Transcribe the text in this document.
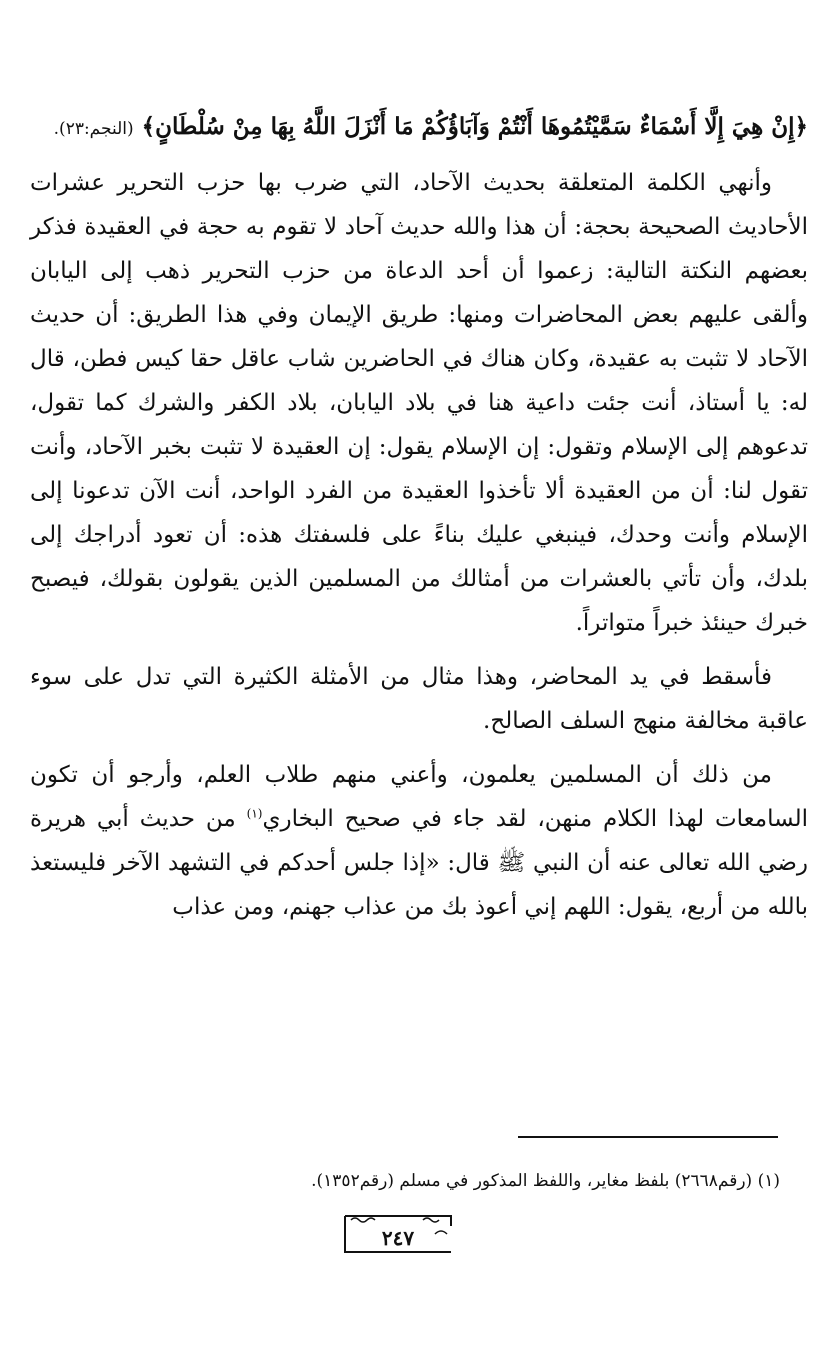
﴿إِنْ هِيَ إِلَّا أَسْمَاءٌ سَمَّيْتُمُوهَا أَنْتُمْ وَآبَاؤُكُمْ مَا أَنْزَلَ اللَّهُ بِهَا مِنْ سُلْطَانٍ﴾ (النجم:٢٣).

وأنهي الكلمة المتعلقة بحديث الآحاد، التي ضرب بها حزب التحرير عشرات الأحاديث الصحيحة بحجة: أن هذا والله حديث آحاد لا تقوم به حجة في العقيدة فذكر بعضهم النكتة التالية: زعموا أن أحد الدعاة من حزب التحرير ذهب إلى اليابان وألقى عليهم بعض المحاضرات ومنها: طريق الإيمان وفي هذا الطريق: أن حديث الآحاد لا تثبت به عقيدة، وكان هناك في الحاضرين شاب عاقل حقا كيس فطن، قال له: يا أستاذ، أنت جئت داعية هنا في بلاد اليابان، بلاد الكفر والشرك كما تقول، تدعوهم إلى الإسلام وتقول: إن الإسلام يقول: إن العقيدة لا تثبت بخبر الآحاد، وأنت تقول لنا: أن من العقيدة ألا تأخذوا العقيدة من الفرد الواحد، أنت الآن تدعونا إلى الإسلام وأنت وحدك، فينبغي عليك بناءً على فلسفتك هذه: أن تعود أدراجك إلى بلدك، وأن تأتي بالعشرات من أمثالك من المسلمين الذين يقولون بقولك، فيصبح خبرك حينئذ خبراً متواتراً.

فأسقط في يد المحاضر، وهذا مثال من الأمثلة الكثيرة التي تدل على سوء عاقبة مخالفة منهج السلف الصالح.

من ذلك أن المسلمين يعلمون، وأعني منهم طلاب العلم، وأرجو أن تكون السامعات لهذا الكلام منهن، لقد جاء في صحيح البخاري$^{(١)}$ من حديث أبي هريرة رضي الله تعالى عنه أن النبي ﷺ قال: «إذا جلس أحدكم في التشهد الآخر فليستعذ بالله من أربع، يقول: اللهم إني أعوذ بك من عذاب جهنم، ومن عذاب

(١) (رقم٢٦٦٨) بلفظ مغاير، واللفظ المذكور في مسلم (رقم١٣٥٢).
٢٤٧
